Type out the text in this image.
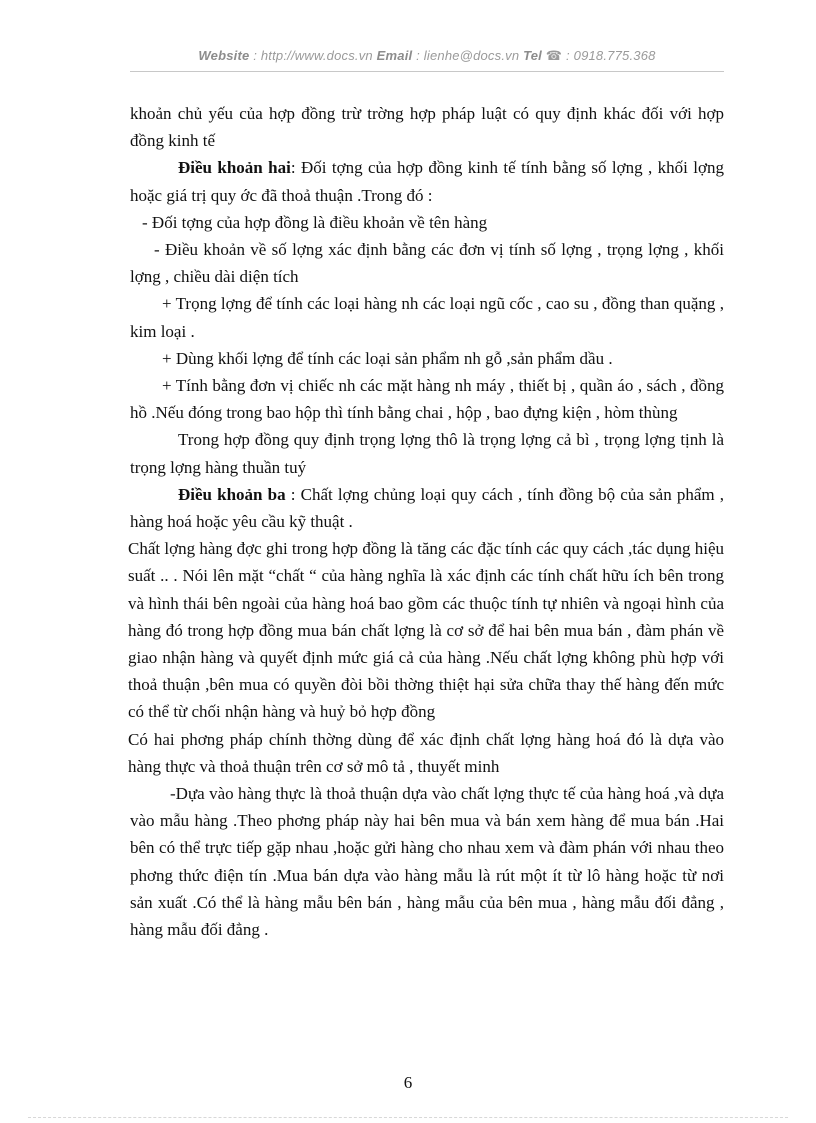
Website : http://www.docs.vn Email : lienhe@docs.vn Tel ☎ : 0918.775.368

khoản chủ yếu của hợp đồng trừ trờng hợp pháp luật có quy định khác đối với hợp đồng kinh tế

Điều khoản hai: Đối tợng của hợp đồng kinh tế tính bằng số lợng , khối lợng hoặc giá trị quy ớc đã thoả thuận .Trong đó :

- Đối tợng của hợp đồng là điều khoản về tên hàng

- Điều khoản về số lợng xác định bằng các đơn vị tính số lợng , trọng lợng , khối lợng , chiều dài diện tích

+ Trọng lợng để tính các loại hàng nh các loại ngũ cốc , cao su , đồng than quặng , kim loại .

+ Dùng khối lợng để tính các loại sản phẩm nh gỗ ,sản phẩm dầu .

+ Tính bằng đơn vị chiếc nh các mặt hàng nh máy , thiết bị , quần áo , sách , đồng hồ .Nếu đóng trong bao hộp thì tính bằng chai , hộp , bao đựng kiện , hòm thùng

Trong hợp đồng quy định trọng lợng thô là trọng lợng cả bì , trọng lợng tịnh là trọng lợng hàng thuần tuý

Điều khoản ba : Chất lợng chủng loại quy cách , tính đồng bộ của sản phẩm , hàng hoá hoặc yêu cầu kỹ thuật .

Chất lợng hàng đợc ghi trong hợp đồng là tăng các đặc tính các quy cách ,tác dụng hiệu suất .. . Nói lên mặt “chất “ của hàng nghĩa là xác định các tính chất hữu ích bên trong và hình thái bên ngoài của hàng hoá bao gồm các thuộc tính tự nhiên và ngoại hình của hàng đó trong hợp đồng mua bán chất lợng là cơ sở để hai bên mua bán , đàm phán về giao nhận hàng và quyết định mức giá cả của hàng .Nếu chất lợng không phù hợp với thoả thuận ,bên mua có quyền đòi bồi thờng thiệt hại sửa chữa thay thế hàng đến mức có thể từ chối nhận hàng và huỷ bỏ hợp đồng

Có hai phơng pháp chính thờng dùng để xác định chất lợng hàng hoá đó là dựa vào hàng thực và thoả thuận trên cơ sở mô tả , thuyết minh

-Dựa vào hàng thực là thoả thuận dựa vào chất lợng thực tế của hàng hoá ,và dựa vào mẫu hàng .Theo phơng pháp này hai bên mua và bán xem hàng để mua bán .Hai bên có thể trực tiếp gặp nhau ,hoặc gửi hàng cho nhau xem và đàm phán với nhau theo phơng thức điện tín .Mua bán dựa vào hàng mẫu là rút một ít từ lô hàng hoặc từ nơi sản xuất .Có thể là hàng mẫu bên bán , hàng mẫu của bên mua , hàng mẫu đối đẳng , hàng mẫu đối đẳng .

6
